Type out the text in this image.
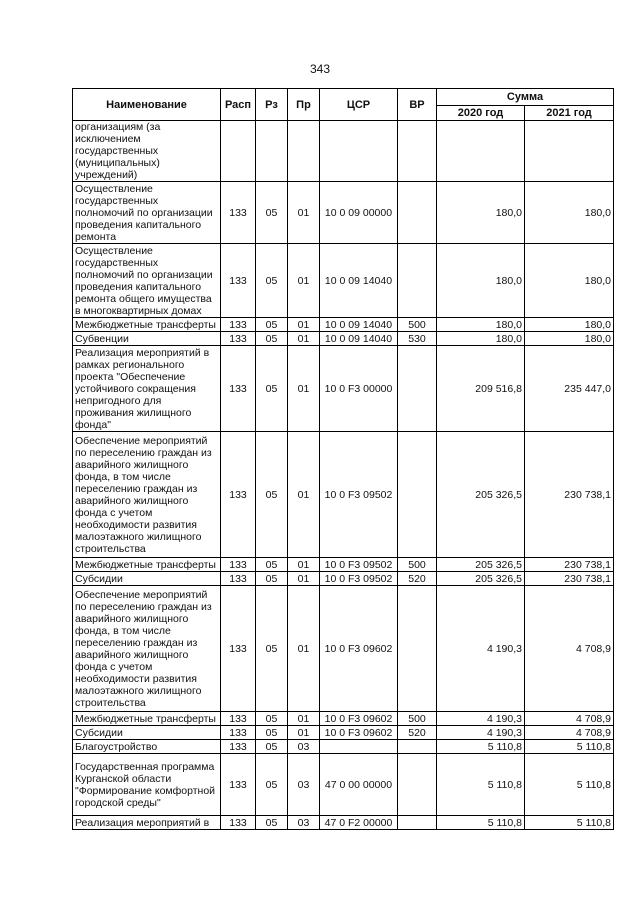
343
Наименование	Расп	Рз	Пр	ЦСР	ВР	Сумма	
						2020 год	2021 год
организациям (за исключением государственных (муниципальных) учреждений)							
Осуществление государственных полномочий по организации проведения капитального ремонта	133	05	01	10 0 09 00000		180,0	180,0
Осуществление государственных полномочий по организации проведения капитального ремонта общего имущества в многоквартирных домах	133	05	01	10 0 09 14040		180,0	180,0
Межбюджетные трансферты	133	05	01	10 0 09 14040	500	180,0	180,0
Субвенции	133	05	01	10 0 09 14040	530	180,0	180,0
Реализация мероприятий в рамках регионального проекта "Обеспечение устойчивого сокращения непригодного для проживания жилищного фонда"	133	05	01	10 0 F3 00000		209 516,8	235 447,0
Обеспечение мероприятий по переселению граждан из аварийного жилищного фонда, в том числе переселению граждан из аварийного жилищного фонда с учетом необходимости развития малоэтажного жилищного строительства	133	05	01	10 0 F3 09502		205 326,5	230 738,1
Межбюджетные трансферты	133	05	01	10 0 F3 09502	500	205 326,5	230 738,1
Субсидии	133	05	01	10 0 F3 09502	520	205 326,5	230 738,1
Обеспечение мероприятий по переселению граждан из аварийного жилищного фонда, в том числе переселению граждан из аварийного жилищного фонда с учетом необходимости развития малоэтажного жилищного строительства	133	05	01	10 0 F3 09602		4 190,3	4 708,9
Межбюджетные трансферты	133	05	01	10 0 F3 09602	500	4 190,3	4 708,9
Субсидии	133	05	01	10 0 F3 09602	520	4 190,3	4 708,9
Благоустройство	133	05	03			5 110,8	5 110,8
Государственная программа Курганской области "Формирование комфортной городской среды"	133	05	03	47 0 00 00000		5 110,8	5 110,8
Реализация мероприятий в	133	05	03	47 0 F2 00000		5 110,8	5 110,8
